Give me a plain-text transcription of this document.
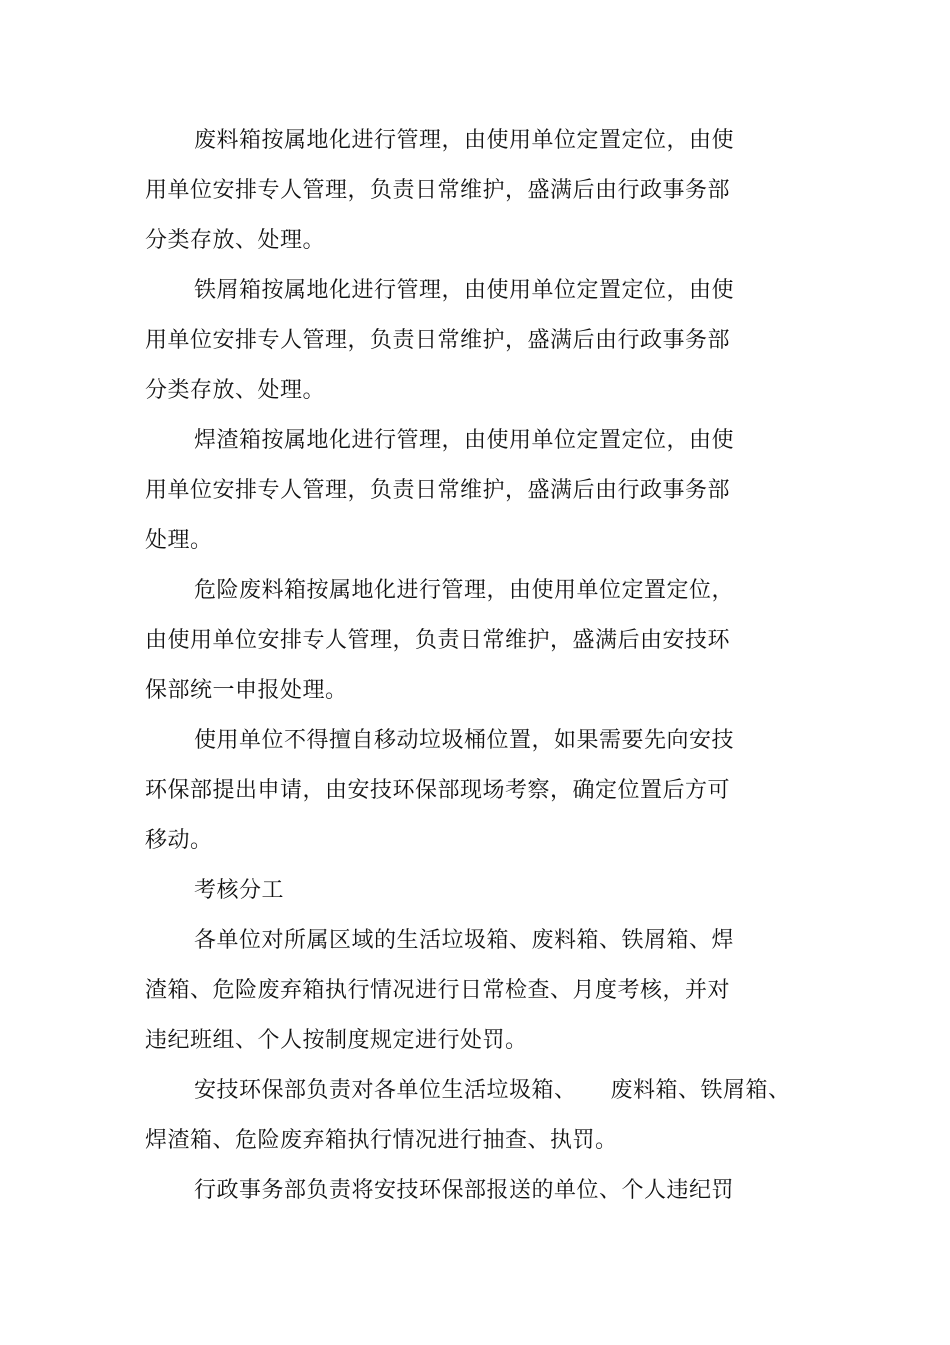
废料箱按属地化进行管理，由使用单位定置定位，由使
用单位安排专人管理，负责日常维护，盛满后由行政事务部
分类存放、处理。
铁屑箱按属地化进行管理，由使用单位定置定位，由使
用单位安排专人管理，负责日常维护，盛满后由行政事务部
分类存放、处理。
焊渣箱按属地化进行管理，由使用单位定置定位，由使
用单位安排专人管理，负责日常维护，盛满后由行政事务部
处理。
危险废料箱按属地化进行管理，由使用单位定置定位，
由使用单位安排专人管理，负责日常维护，盛满后由安技环
保部统一申报处理。
使用单位不得擅自移动垃圾桶位置，如果需要先向安技
环保部提出申请，由安技环保部现场考察，确定位置后方可
移动。
考核分工
各单位对所属区域的生活垃圾箱、废料箱、铁屑箱、焊
渣箱、危险废弃箱执行情况进行日常检查、月度考核，并对
违纪班组、个人按制度规定进行处罚。
安技环保部负责对各单位生活垃圾箱、　　废料箱、铁屑箱、
焊渣箱、危险废弃箱执行情况进行抽查、执罚。
行政事务部负责将安技环保部报送的单位、个人违纪罚
